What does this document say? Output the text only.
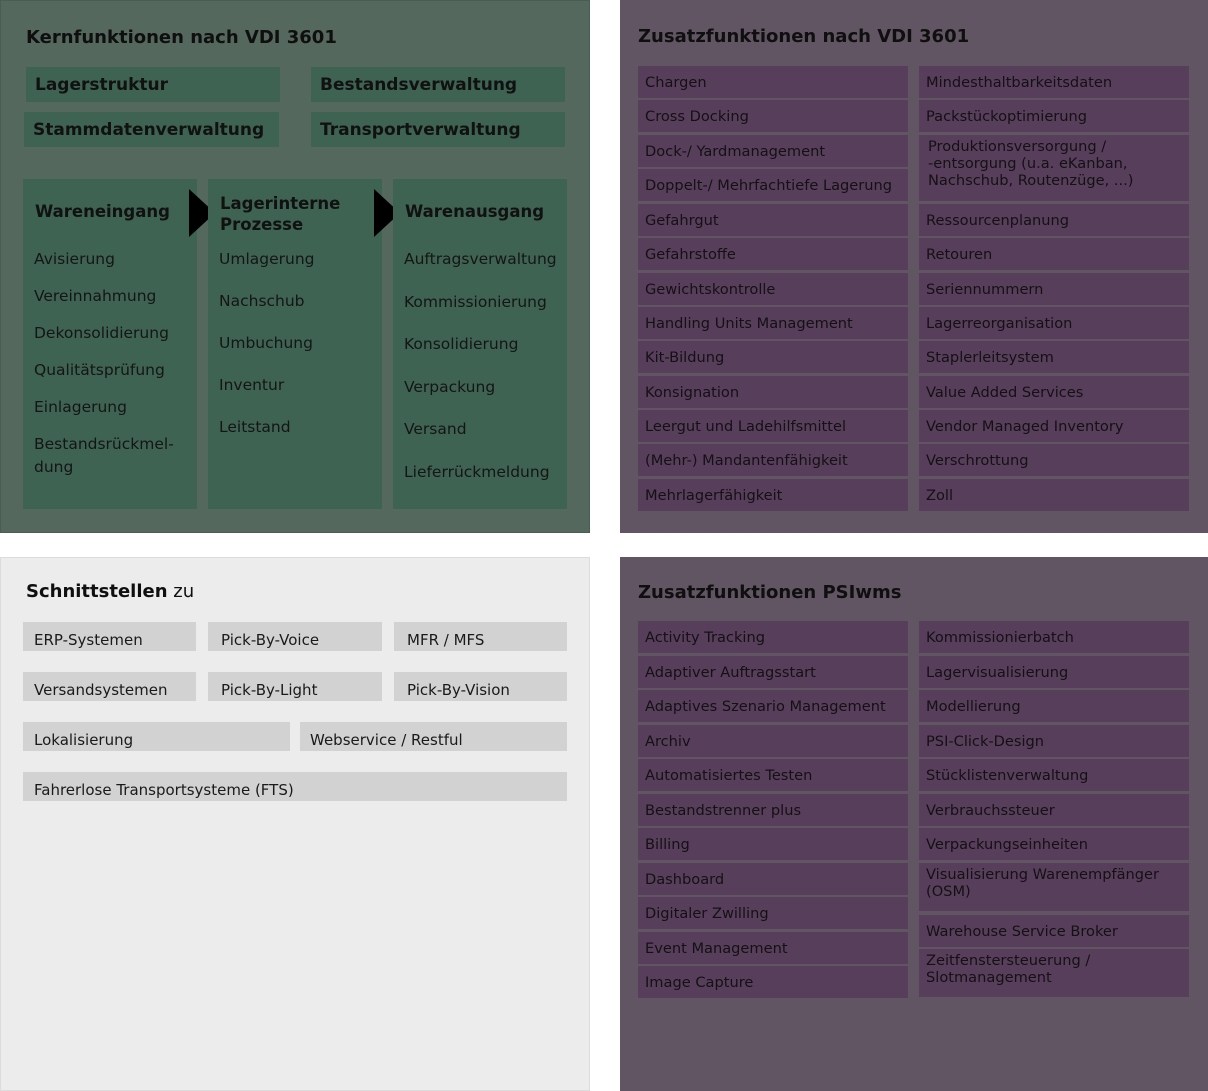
Kernfunktionen nach VDI 3601
Lagerstruktur	Bestandsverwaltung
Stammdatenverwaltung	Transportverwaltung
Wareneingang
Avisierung
Vereinnahmung
Dekonsolidierung
Qualitätsprüfung
Einlagerung
Bestandsrückmel-
dung
Lagerinterne
Prozesse
Umlagerung
Nachschub
Umbuchung
Inventur
Leitstand
Warenausgang
Auftragsverwaltung
Kommissionierung
Konsolidierung
Verpackung
Versand
Lieferrückmeldung
Zusatzfunktionen nach VDI 3601
Chargen
Cross Docking
Dock-/ Yardmanagement
Doppelt-/ Mehrfachtiefe Lagerung
Gefahrgut
Gefahrstoffe
Gewichtskontrolle
Handling Units Management
Kit-Bildung
Konsignation
Leergut und Ladehilfsmittel
(Mehr-) Mandantenfähigkeit
Mehrlagerfähigkeit
Mindesthaltbarkeitsdaten
Packstückoptimierung
Produktionsversorgung /
-entsorgung (u.a. eKanban,
Nachschub, Routenzüge, ...)
Ressourcenplanung
Retouren
Seriennummern
Lagerreorganisation
Staplerleitsystem
Value Added Services
Vendor Managed Inventory
Verschrottung
Zoll
Schnittstellen zu
ERP-Systemen	Pick-By-Voice	MFR / MFS
Versandsystemen	Pick-By-Light	Pick-By-Vision
Lokalisierung	Webservice / Restful
Fahrerlose Transportsysteme (FTS)
Zusatzfunktionen PSIwms
Activity Tracking
Adaptiver Auftragsstart
Adaptives Szenario Management
Archiv
Automatisiertes Testen
Bestandstrenner plus
Billing
Dashboard
Digitaler Zwilling
Event Management
Image Capture
Kommissionierbatch
Lagervisualisierung
Modellierung
PSI-Click-Design
Stücklistenverwaltung
Verbrauchssteuer
Verpackungseinheiten
Visualisierung Warenempfänger
(OSM)
Warehouse Service Broker
Zeitfenstersteuerung /
Slotmanagement
